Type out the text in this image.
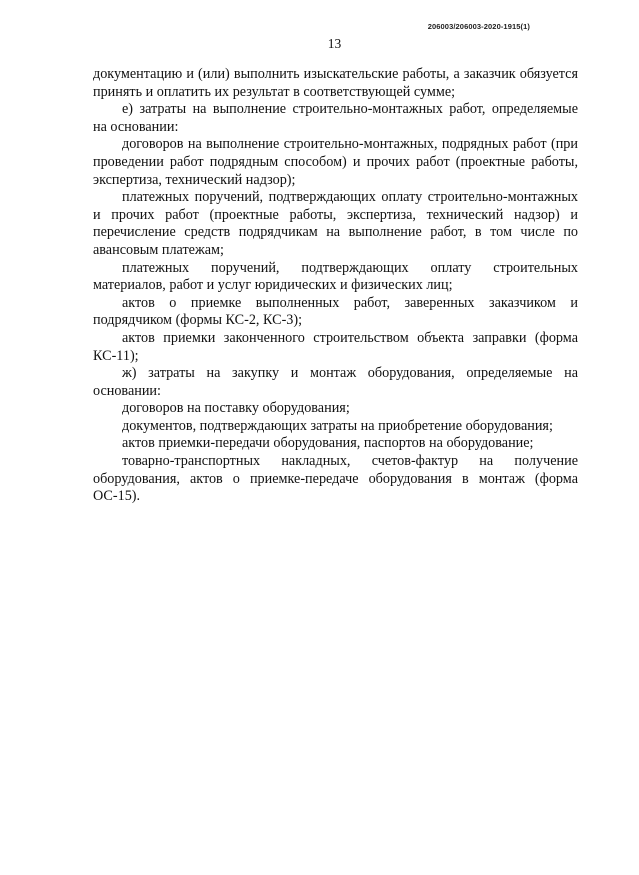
206003/206003-2020-1915(1)
13

документацию и (или) выполнить изыскательские работы, а заказчик обязуется принять и оплатить их результат в соответствующей сумме;

е) затраты на выполнение строительно-монтажных работ, определяемые на основании:

договоров на выполнение строительно-монтажных, подрядных работ (при проведении работ подрядным способом) и прочих работ (проектные работы, экспертиза, технический надзор);

платежных поручений, подтверждающих оплату строительно-монтажных и прочих работ (проектные работы, экспертиза, технический надзор) и перечисление средств подрядчикам на выполнение работ, в том числе по авансовым платежам;

платежных поручений, подтверждающих оплату строительных материалов, работ и услуг юридических и физических лиц;

актов о приемке выполненных работ, заверенных заказчиком и подрядчиком (формы КС-2, КС-3);

актов приемки законченного строительством объекта заправки (форма КС-11);

ж) затраты на закупку и монтаж оборудования, определяемые на основании:

договоров на поставку оборудования;

документов, подтверждающих затраты на приобретение оборудования;

актов приемки-передачи оборудования, паспортов на оборудование;

товарно-транспортных накладных, счетов-фактур на получение оборудования, актов о приемке-передаче оборудования в монтаж (форма ОС-15).
